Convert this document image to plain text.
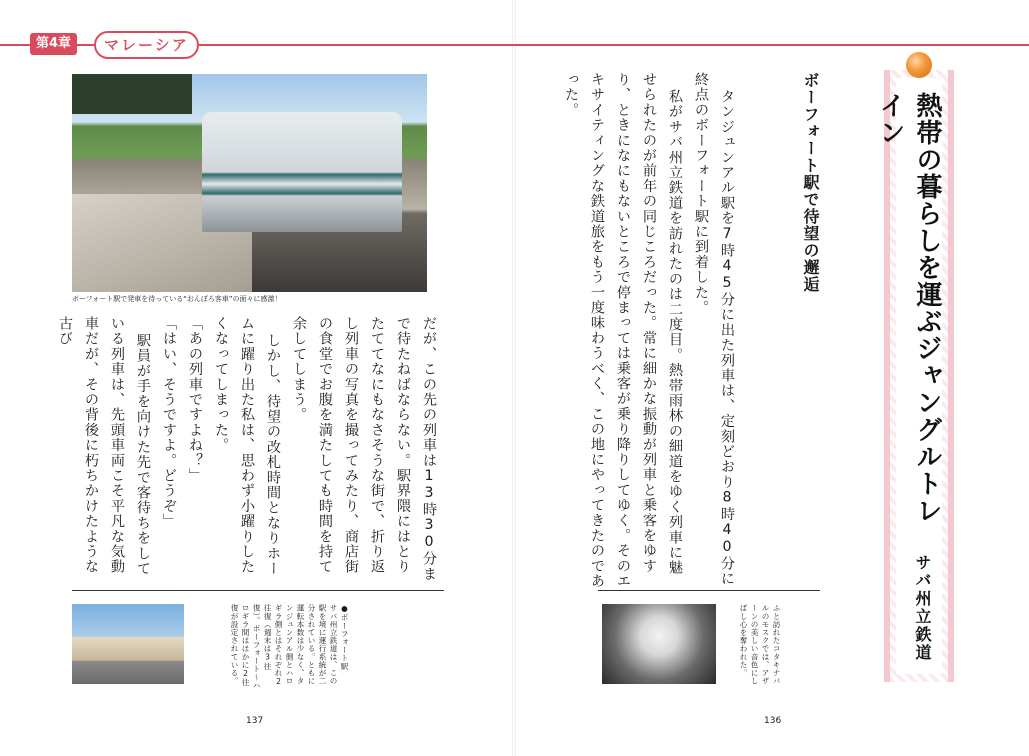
第4章	マレーシア
ボーフォート駅で発車を待っている“おんぼろ客車”の面々に感激！
だが、この先の列車は13時30分まで待たねばならない。駅界隈にはとりたててなにもなさそうな街で、折り返し列車の写真を撮ってみたり、商店街の食堂でお腹を満たしても時間を持て余してしまう。
しかし、待望の改札時間となりホームに躍り出た私は、思わず小躍りしたくなってしまった。
「あの列車ですよね？」
「はい、そうですよ。どうぞ」
駅員が手を向けた先で客待ちをしている列車は、先頭車両こそ平凡な気動車だが、その背後に朽ちかけたような古び
●ボーフォート駅
サバ州立鉄道は、この駅を境に運行系統が二分されている。ともに運転本数は少なく、タンジュンアル側とハロギラ側とはそれぞれ2往復（週末は3往復）。ボーフォート〜ハロギラ間はほかに2往復が設定されている。
137
ボーフォート駅で待望の邂逅
タンジュンアル駅を7時45分に出た列車は、定刻どおり8時40分に終点のボーフォート駅に到着した。
私がサバ州立鉄道を訪れたのは二度目。熱帯雨林の細道をゆく列車に魅せられたのが前年の同じころだった。常に細かな振動が列車と乗客をゆすり、ときになにもないところで停まっては乗客が乗り降りしてゆく。そのエキサイティングな鉄道旅をもう一度味わうべく、この地にやってきたのであった。
ふと訪れたコタキナバルのモスクでは、アザーンの美しい音色にしばし心を奪われた。
136
熱帯の暮らしを運ぶジャングルトレイン
サバ州立鉄道
